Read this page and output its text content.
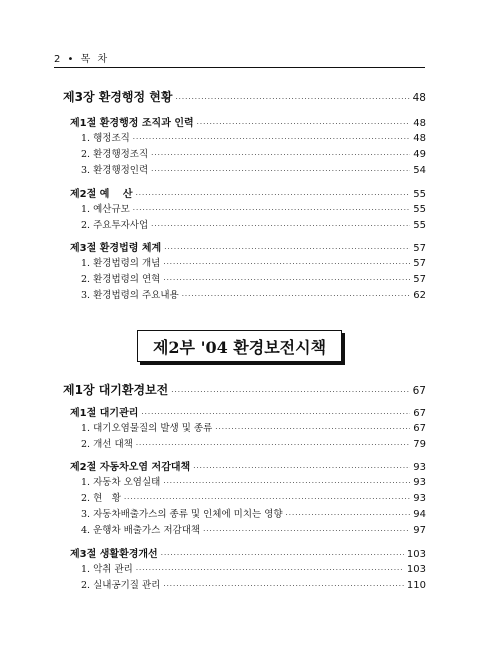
2 • 목 차
제3장 환경행정 현황 ·····	48
제1절 환경행정 조직과 인력 ·····	48
1. 행정조직 ·····	48
2. 환경행정조직 ·····	49
3. 환경행정인력 ·····	54
제2절 예　 산 ·····	55
1. 예산규모 ·····	55
2. 주요투자사업 ·····	55
제3절 환경법령 체계 ·····	57
1. 환경법령의 개념 ·····	57
2. 환경법령의 연혁 ·····	57
3. 환경법령의 주요내용 ·····	62
제2부 '04 환경보전시책
제1장 대기환경보전 ·····	67
제1절 대기관리 ·····	67
1. 대기오염물질의 발생 및 종류 ·····	67
2. 개선 대책 ·····	79
제2절 자동차오염 저감대책 ·····	93
1. 자동차 오염실태 ·····	93
2. 현　황 ·····	93
3. 자동차배출가스의 종류 및 인체에 미치는 영향 ·····	94
4. 운행차 배출가스 저감대책 ·····	97
제3절 생활환경개선 ·····	103
1. 악취 관리 ·····	103
2. 실내공기질 관리 ·····	110
